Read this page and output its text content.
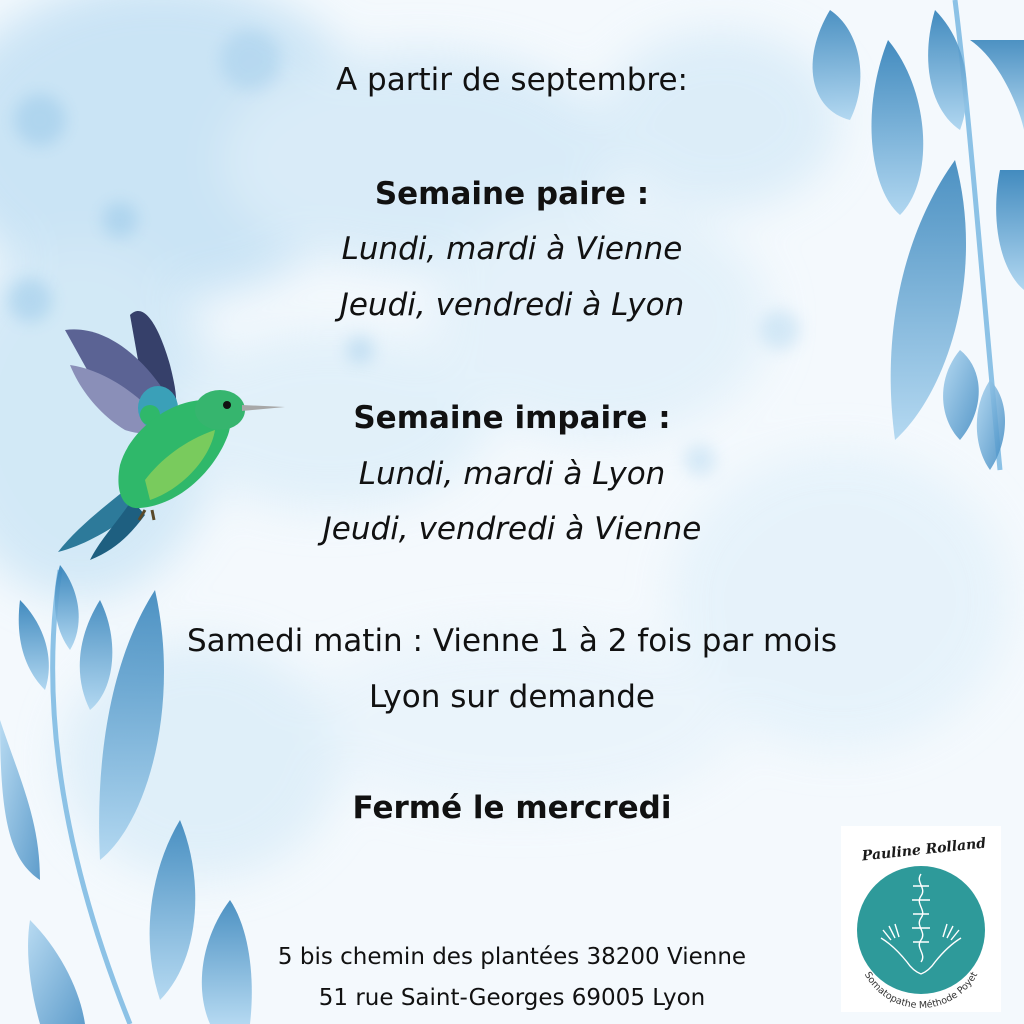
A partir de septembre:
Semaine paire :
Lundi, mardi à Vienne
Jeudi, vendredi à Lyon
Semaine impaire :
Lundi, mardi à Lyon
Jeudi, vendredi à Vienne
Samedi matin : Vienne 1 à 2 fois par mois
Lyon sur demande
Fermé le mercredi
5 bis chemin des plantées 38200 Vienne
51 rue Saint-Georges 69005 Lyon
Pauline Rolland
Somatopathe Méthode Poyet
